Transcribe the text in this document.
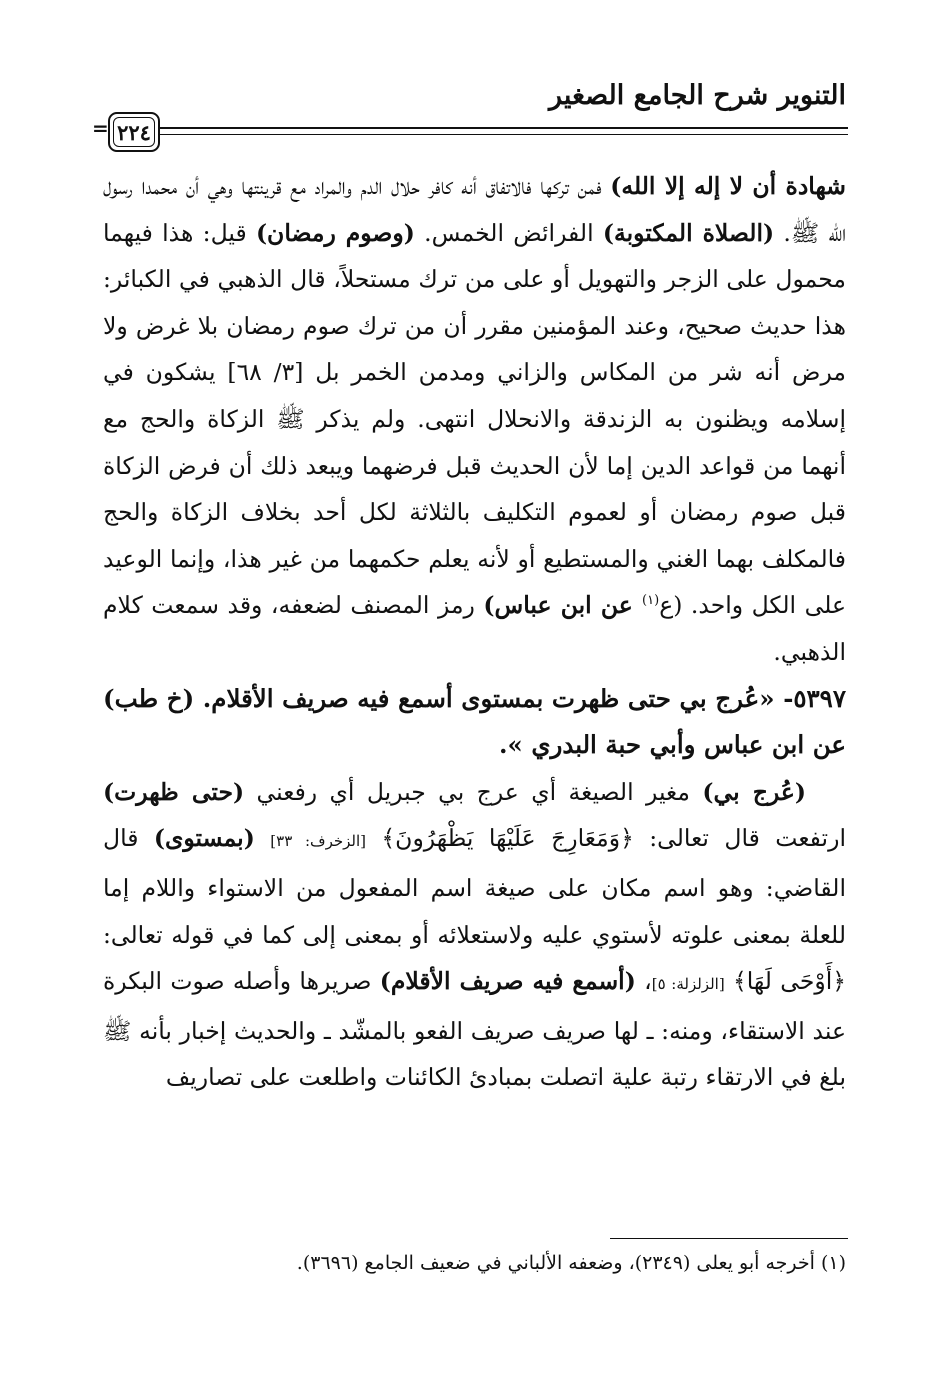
التنوير شرح الجامع الصغير
٢٢٤
=

شهادة أن لا إله إلا الله) فمن تركها فالاتفاق أنه كافر حلال الدم والمراد مع قرينتها وهي أن محمدا رسول الله ﷺ. (الصلاة المكتوبة) الفرائض الخمس. (وصوم رمضان) قيل: هذا فيهما محمول على الزجر والتهويل أو على من ترك مستحلاً، قال الذهبي في الكبائر: هذا حديث صحيح، وعند المؤمنين مقرر أن من ترك صوم رمضان بلا غرض ولا مرض أنه شر من المكاس والزاني ومدمن الخمر بل [٣/ ٦٨] يشكون في إسلامه ويظنون به الزندقة والانحلال انتهى. ولم يذكر ﷺ الزكاة والحج مع أنهما من قواعد الدين إما لأن الحديث قبل فرضهما ويبعد ذلك أن فرض الزكاة قبل صوم رمضان أو لعموم التكليف بالثلاثة لكل أحد بخلاف الزكاة والحج فالمكلف بهما الغني والمستطيع أو لأنه يعلم حكمهما من غير هذا، وإنما الوعيد على الكل واحد. (ع$^{(١)}$ عن ابن عباس) رمز المصنف لضعفه، وقد سمعت كلام الذهبي.

٥٣٩٧- «عُرج بي حتى ظهرت بمستوى أسمع فيه صريف الأقلام. (خ طب) عن ابن عباس وأبي حبة البدري ».

(عُرج بي) مغير الصيغة أي عرج بي جبريل أي رفعني (حتى ظهرت) ارتفعت قال تعالى: ﴿وَمَعَارِجَ عَلَيْهَا يَظْهَرُونَ﴾ [الزخرف: ٣٣] (بمستوى) قال القاضي: وهو اسم مكان على صيغة اسم المفعول من الاستواء واللام إما للعلة بمعنى علوته لأستوي عليه ولاستعلائه أو بمعنى إلى كما في قوله تعالى: ﴿أَوْحَى لَهَا﴾ [الزلزلة: ٥]، (أسمع فيه صريف الأقلام) صريرها وأصله صوت البكرة عند الاستقاء، ومنه: ـ لها صريف صريف الفعو بالمشّد ـ والحديث إخبار بأنه ﷺ بلغ في الارتقاء رتبة علية اتصلت بمبادئ الكائنات واطلعت على تصاريف

(١) أخرجه أبو يعلى (٢٣٤٩)، وضعفه الألباني في ضعيف الجامع (٣٦٩٦).
